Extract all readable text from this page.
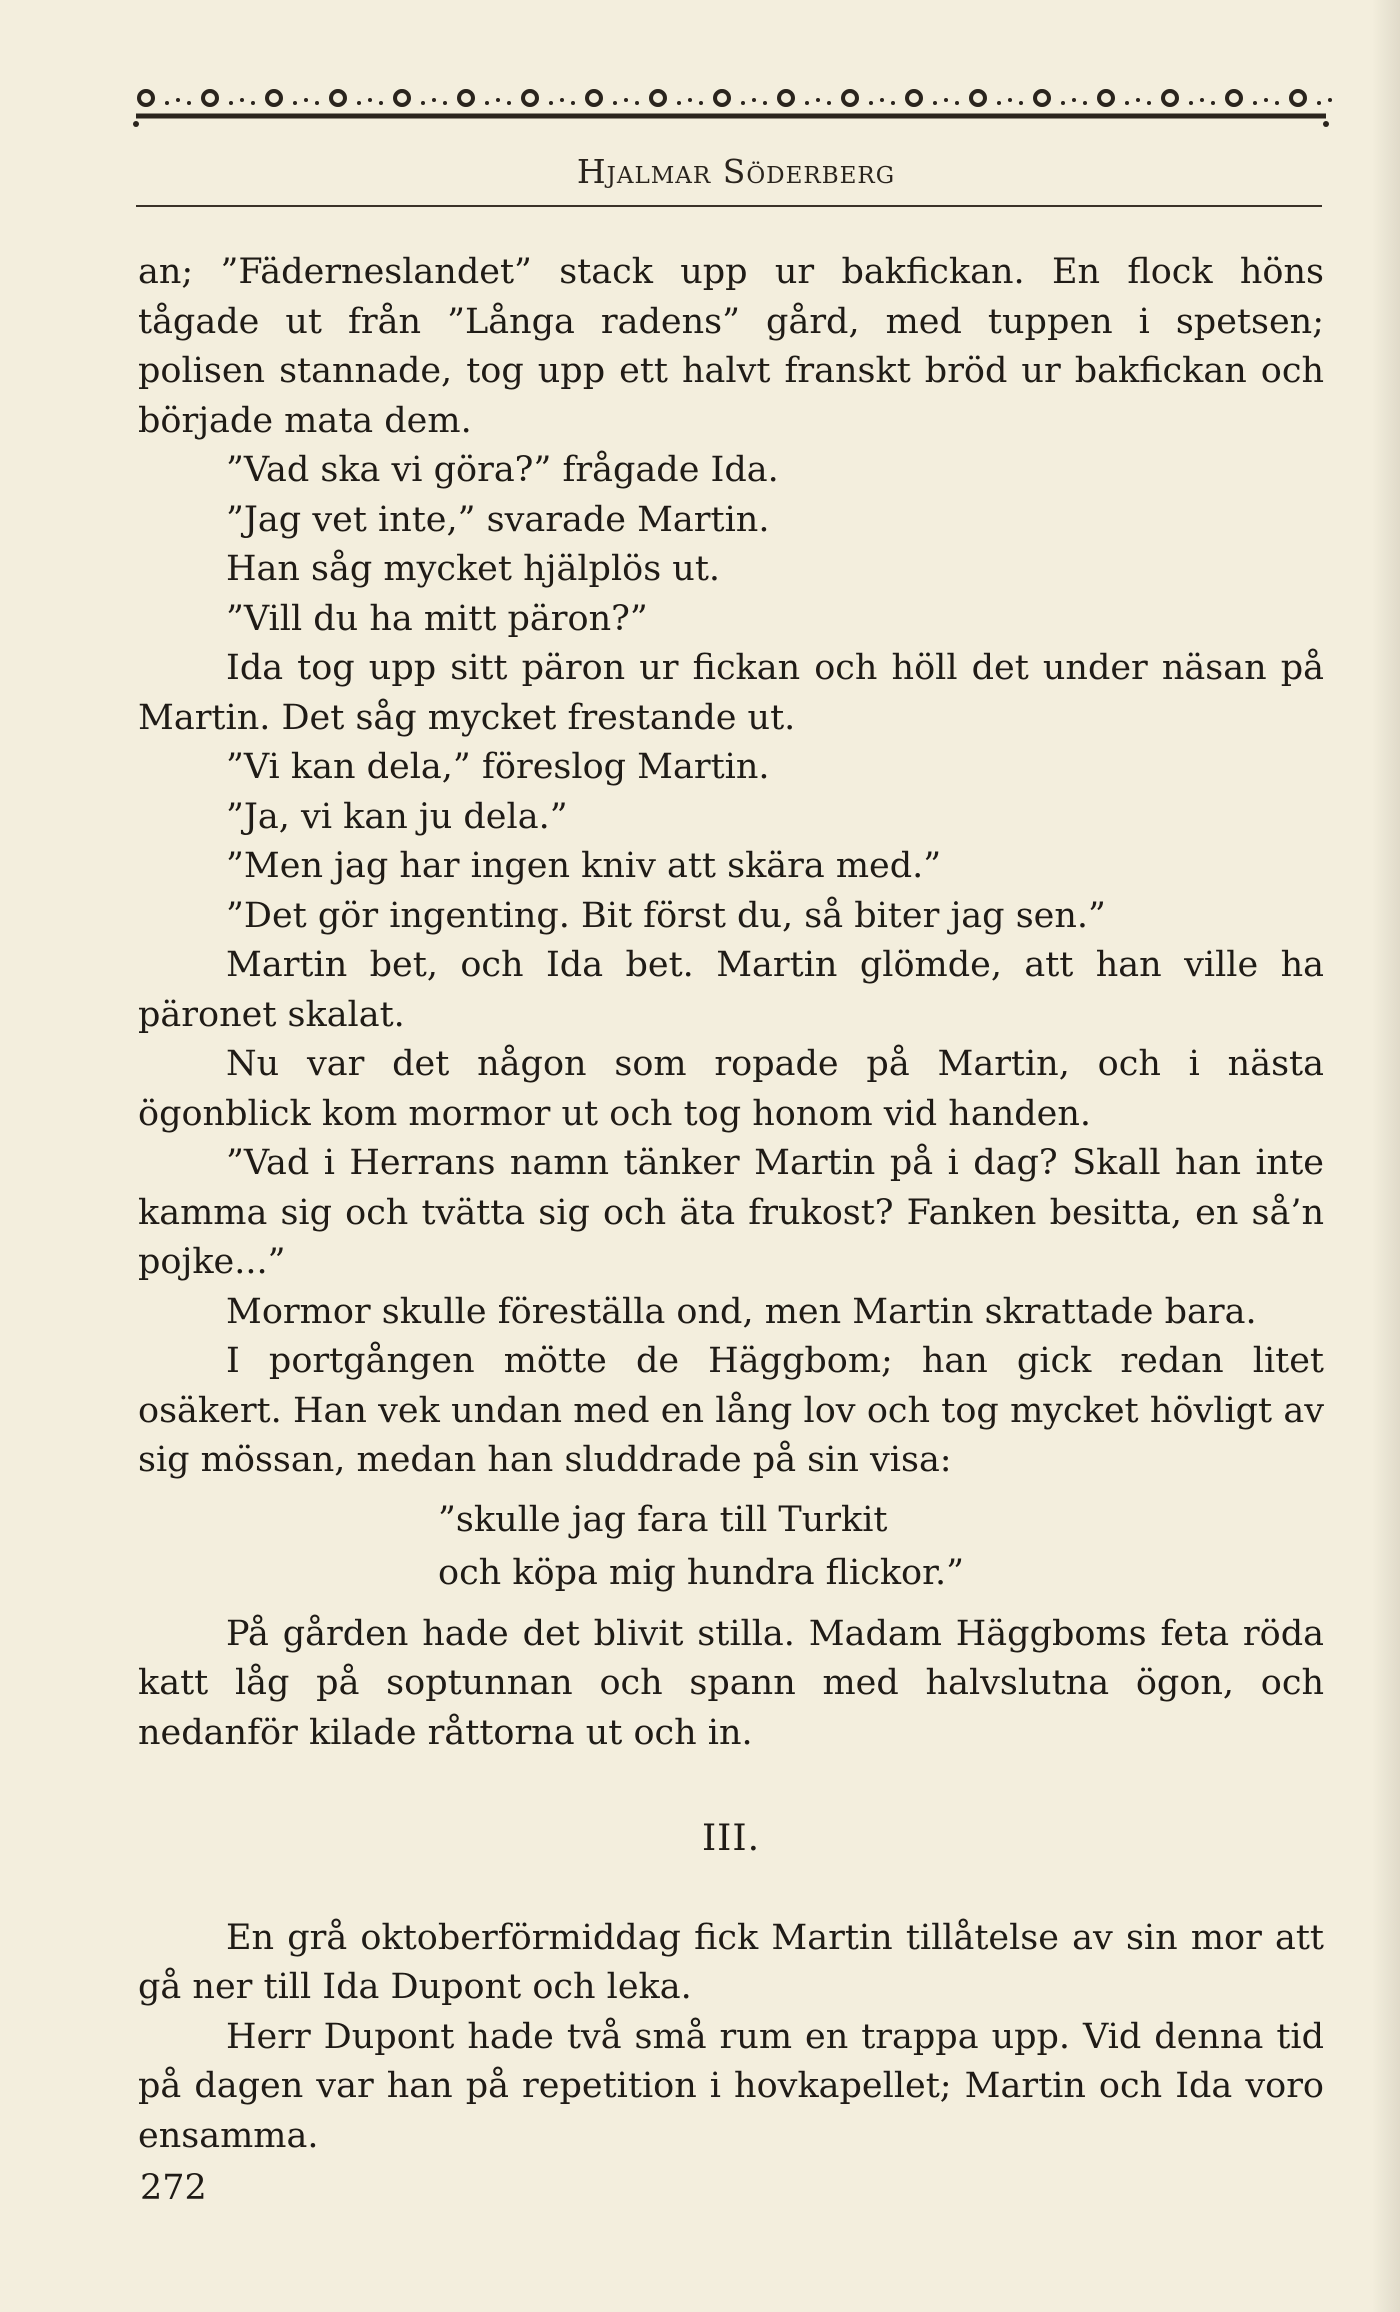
Hjalmar Söderberg

an; ”Fäderneslandet” stack upp ur bakfickan. En flock höns tågade ut från ”Långa radens” gård, med tuppen i spetsen; polisen stannade, tog upp ett halvt franskt bröd ur bakfickan och började mata dem.

”Vad ska vi göra?” frågade Ida.

”Jag vet inte,” svarade Martin.

Han såg mycket hjälplös ut.

”Vill du ha mitt päron?”

Ida tog upp sitt päron ur fickan och höll det under näsan på Martin. Det såg mycket frestande ut.

”Vi kan dela,” föreslog Martin.

”Ja, vi kan ju dela.”

”Men jag har ingen kniv att skära med.”

”Det gör ingenting. Bit först du, så biter jag sen.”

Martin bet, och Ida bet. Martin glömde, att han ville ha päronet skalat.

Nu var det någon som ropade på Martin, och i nästa ögonblick kom mormor ut och tog honom vid handen.

”Vad i Herrans namn tänker Martin på i dag? Skall han inte kamma sig och tvätta sig och äta frukost? Fanken besitta, en så’n pojke...”

Mormor skulle föreställa ond, men Martin skrattade bara.

I portgången mötte de Häggbom; han gick redan litet osäkert. Han vek undan med en lång lov och tog mycket hövligt av sig mössan, medan han sluddrade på sin visa:

”skulle jag fara till Turkit
och köpa mig hundra flickor.”

På gården hade det blivit stilla. Madam Häggboms feta röda katt låg på soptunnan och spann med halvslutna ögon, och nedanför kilade råttorna ut och in.

III.

En grå oktoberförmiddag fick Martin tillåtelse av sin mor att gå ner till Ida Dupont och leka.

Herr Dupont hade två små rum en trappa upp. Vid denna tid på dagen var han på repetition i hovkapellet; Martin och Ida voro ensamma.

272
